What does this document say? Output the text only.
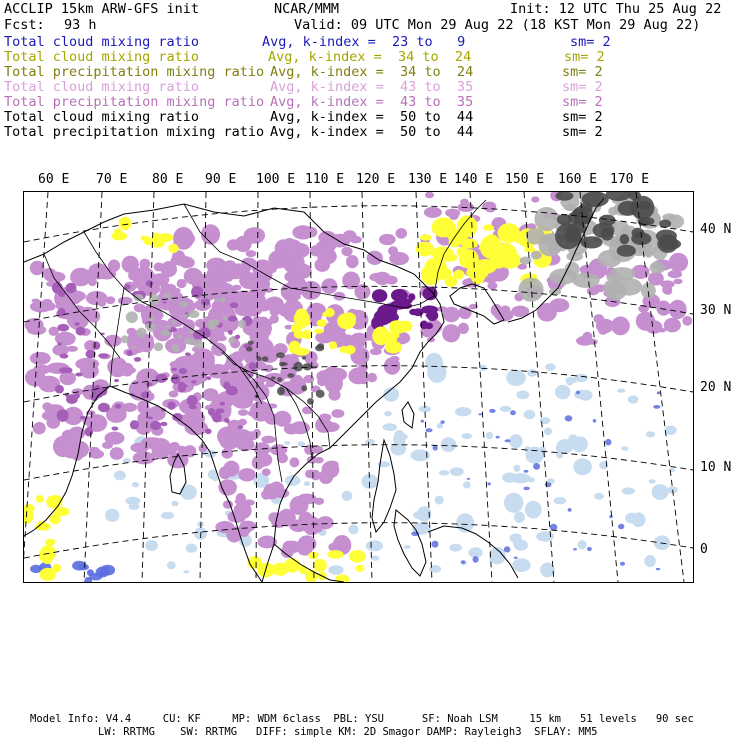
ACCLIP 15km ARW-GFS init	NCAR/MMM	Init: 12 UTC Thu 25 Aug 22
Fcst: 93 h	Valid: 09 UTC Mon 29 Aug 22 (18 KST Mon 29 Aug 22)
Total cloud mixing ratio	Avg, k-index =  23 to   9	sm= 2
Total cloud mixing ratio	Avg, k-index =  34 to  24	sm= 2
Total precipitation mixing ratio Avg, k-index =  34 to  24	sm= 2
Total cloud mixing ratio	Avg, k-index =  43 to  35	sm= 2
Total precipitation mixing ratio Avg, k-index =  43 to  35	sm= 2
Total cloud mixing ratio	Avg, k-index =  50 to  44	sm= 2
Total precipitation mixing ratio Avg, k-index =  50 to  44	sm= 2
60 E 70 E 80 E 90 E 100 E 110 E 120 E 130 E 140 E 150 E 160 E 170 E
40 N
30 N
20 N
10 N
0
Model Info: V4.4     CU: KF     MP: WDM 6class  PBL: YSU      SF: Noah LSM     15 km   51 levels   90 sec
LW: RRTMG    SW: RRTMG   DIFF: simple KM: 2D Smagor DAMP: Rayleigh3  SFLAY: MM5
